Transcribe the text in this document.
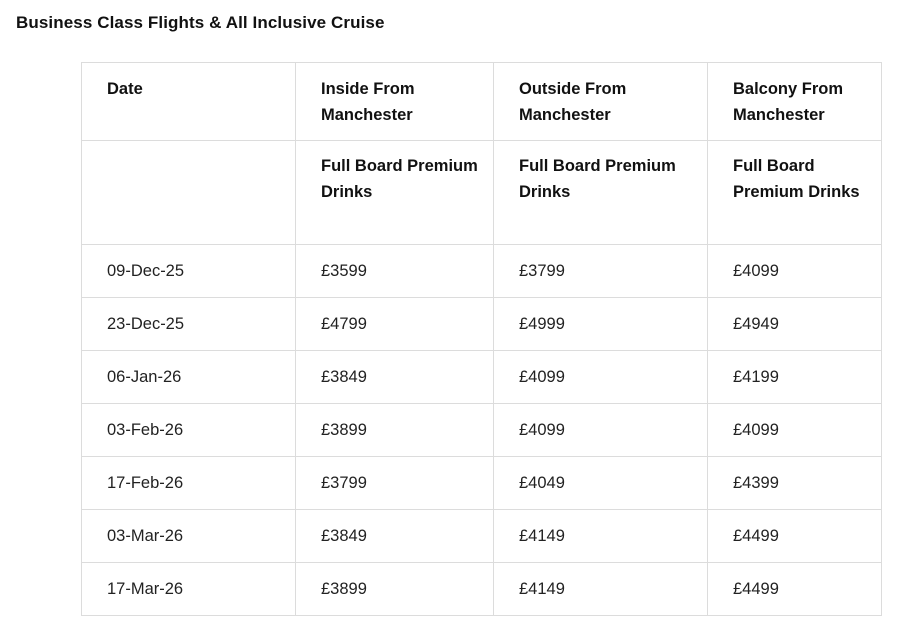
Business Class Flights & All Inclusive Cruise
Date	Inside From Manchester	Outside From Manchester	Balcony From Manchester

	Full Board Premium Drinks	Full Board Premium Drinks	Full Board Premium Drinks

09-Dec-25	£3599	£3799	£4099
23-Dec-25	£4799	£4999	£4949
06-Jan-26	£3849	£4099	£4199
03-Feb-26	£3899	£4099	£4099
17-Feb-26	£3799	£4049	£4399
03-Mar-26	£3849	£4149	£4499
17-Mar-26	£3899	£4149	£4499
